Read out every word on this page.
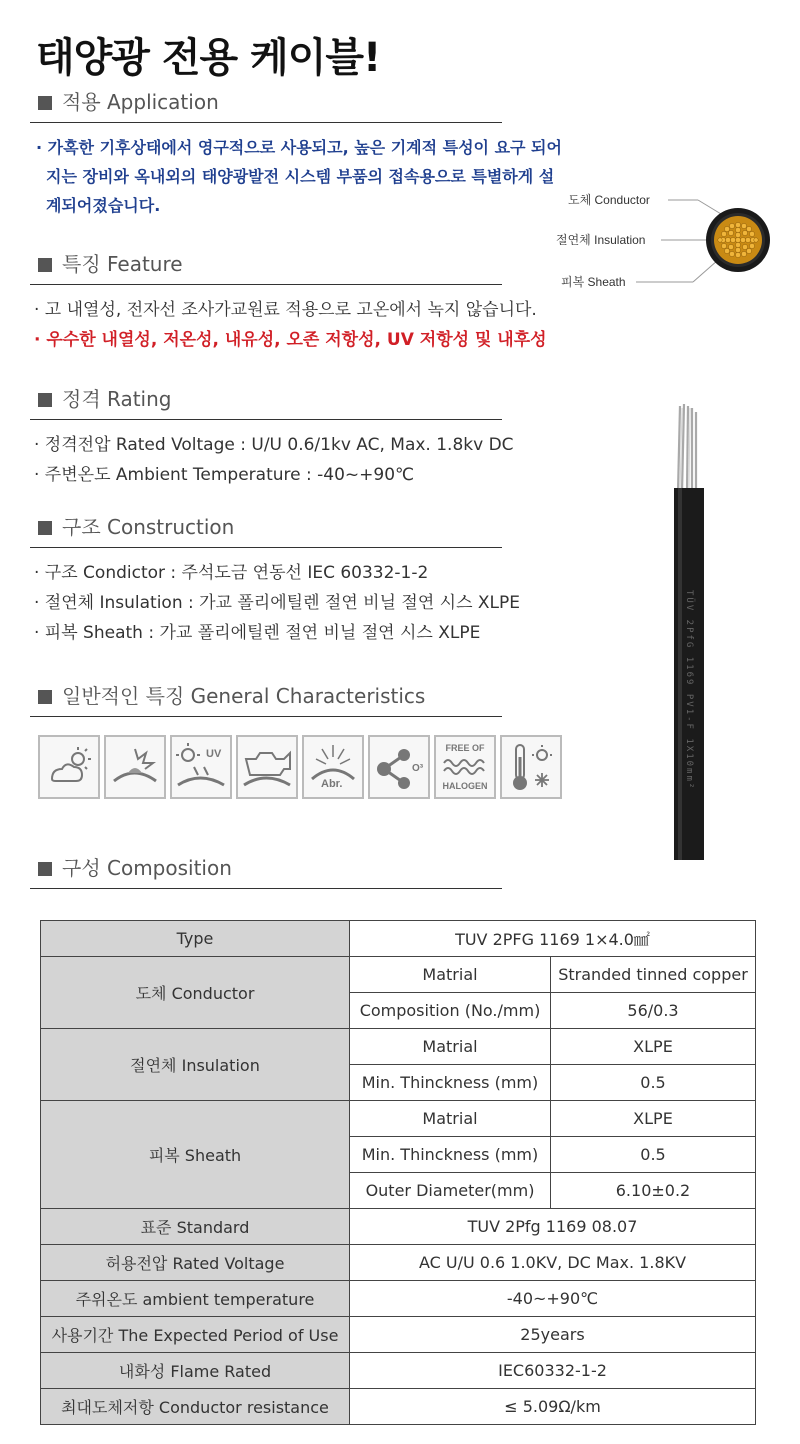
태양광 전용 케이블!
적용 Application
· 가혹한 기후상태에서 영구적으로 사용되고, 높은 기계적 특성이 요구 되어지는 장비와 옥내외의 태양광발전 시스템 부품의 접속용으로 특별하게 설계되어졌습니다.	도체 Conductor
절연체 Insulation
피복 Sheath
특징 Feature
· 고 내열성, 전자선 조사가교원료 적용으로 고온에서 녹지 않습니다.
· 우수한 내열성, 저온성, 내유성, 오존 저항성, UV 저항성 및 내후성
정격 Rating
· 정격전압 Rated Voltage : U/U 0.6/1kv AC, Max. 1.8kv DC
· 주변온도 Ambient Temperature : -40~+90℃
구조 Construction
· 구조 Condictor : 주석도금 연동선 IEC 60332-1-2
· 절연체 Insulation : 가교 폴리에틸렌 절연 비닐 절연 시스 XLPE
· 피복 Sheath : 가교 폴리에틸렌 절연 비닐 절연 시스 XLPE
일반적인 특징 General Characteristics
UV
Abr.
O³
FREE OF
HALOGEN	TÜV 2PfG 1169 PV1-F 1X10mm²
구성 Composition
Type	TUV 2PFG 1169 1×4.0㎟	
도체 Conductor	Matrial	Stranded tinned copper
	Composition (No./mm)	56/0.3
절연체 Insulation	Matrial	XLPE
	Min. Thinckness (mm)	0.5
피복 Sheath	Matrial	XLPE
	Min. Thinckness (mm)	0.5
	Outer Diameter(mm)	6.10±0.2
표준 Standard	TUV 2Pfg 1169 08.07	
허용전압 Rated Voltage	AC U/U 0.6 1.0KV, DC Max. 1.8KV	
주위온도 ambient temperature	-40~+90℃	
사용기간 The Expected Period of Use	25years	
내화성 Flame Rated	IEC60332-1-2	
최대도체저항 Conductor resistance	≤ 5.09Ω/km	
